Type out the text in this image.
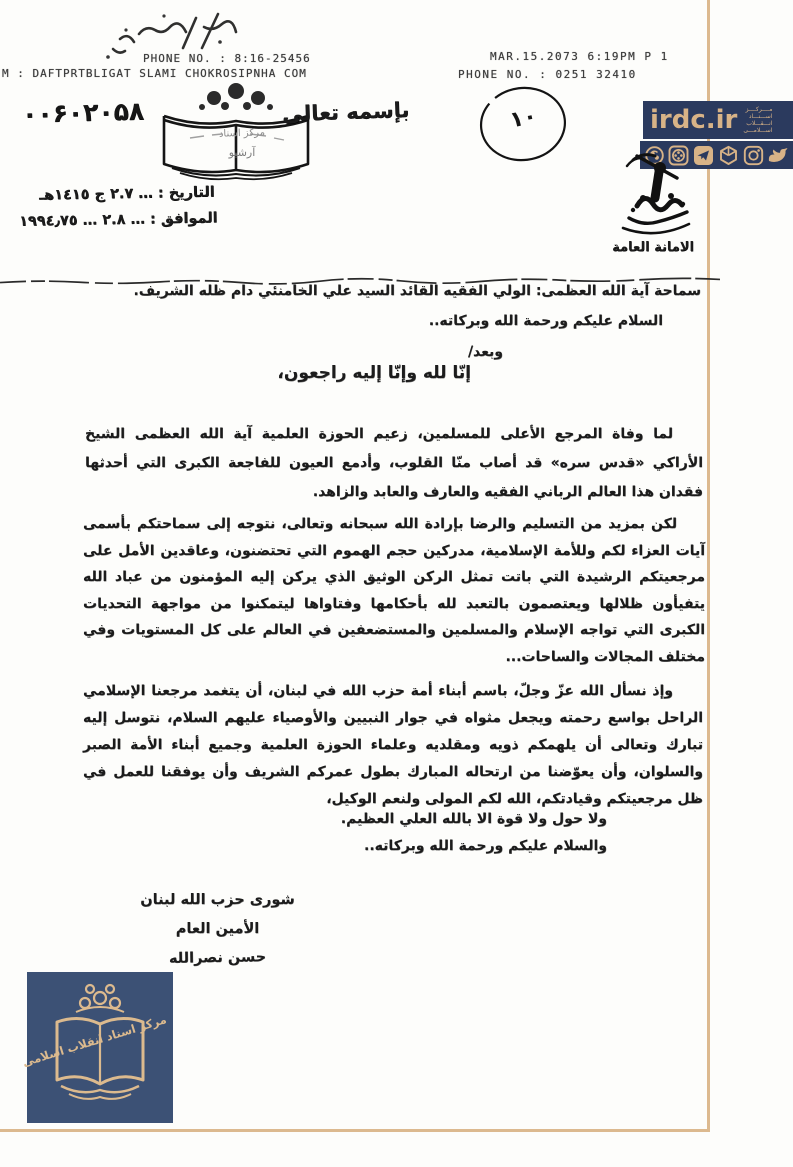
PHONE NO. : 8:16-25456
M : DAFTPRTBLIGAT SLAMI CHOKROSIPNHA COM
MAR.15.2073 6:19PM P 1
PHONE NO. : 0251 32410
۰۰۶۰۲۰۵۸
مرکز اسناد
آرشیو
بإسمه تعالى	١٠	irdc.ir	مــــرکــــز
اســـنـــاد
انـــقـــلاب
اســـلامـــی
الامانة العامة
التاريخ : … ۲.۷ ج ۱٤۱٥هـ
الموافق : … ۲.۸ … ۱۹۹٤٫۷٥
سماحة آية الله العظمى: الولي الفقيه القائد السيد علي الخامنئي دام ظله الشريف.
السلام عليكم ورحمة الله وبركاته..
وبعد/
إنّا لله وإنّا إليه راجعون،
لما وفاة المرجع الأعلى للمسلمين، زعيم الحوزة العلمية آية الله العظمى الشيخ الأراكي «قدس سره» قد أصاب منّا القلوب، وأدمع العيون للفاجعة الكبرى التي أحدثها فقدان هذا العالم الرباني الفقيه والعارف والعابد والزاهد.
لكن بمزيد من التسليم والرضا بإرادة الله سبحانه وتعالى، نتوجه إلى سماحتكم بأسمى آيات العزاء لكم وللأمة الإسلامية، مدركين حجم الهموم التي تحتضنون، وعاقدين الأمل على مرجعيتكم الرشيدة التي باتت تمثل الركن الوثيق الذي يركن إليه المؤمنون من عباد الله يتفيأون ظلالها ويعتصمون بالتعبد لله بأحكامها وفتاواها ليتمكنوا من مواجهة التحديات الكبرى التي تواجه الإسلام والمسلمين والمستضعفين في العالم على كل المستويات وفي مختلف المجالات والساحات...
وإذ نسأل الله عزّ وجلّ، باسم أبناء أمة حزب الله في لبنان، أن يتغمد مرجعنا الإسلامي الراحل بواسع رحمته ويجعل مثواه في جوار النبيين والأوصياء عليهم السلام، نتوسل إليه تبارك وتعالى أن يلهمكم ذويه ومقلديه وعلماء الحوزة العلمية وجميع أبناء الأمة الصبر والسلوان، وأن يعوّضنا من ارتحاله المبارك بطول عمركم الشريف وأن يوفقنا للعمل في ظل مرجعيتكم وقيادتكم، الله لكم المولى ولنعم الوكيل،
ولا حول ولا قوة الا بالله العلي العظيم.
والسلام عليكم ورحمة الله وبركاته..
شورى حزب الله لبنان
الأمين العام
حسن نصرالله
مرکز اسناد انقلاب اسلامی
